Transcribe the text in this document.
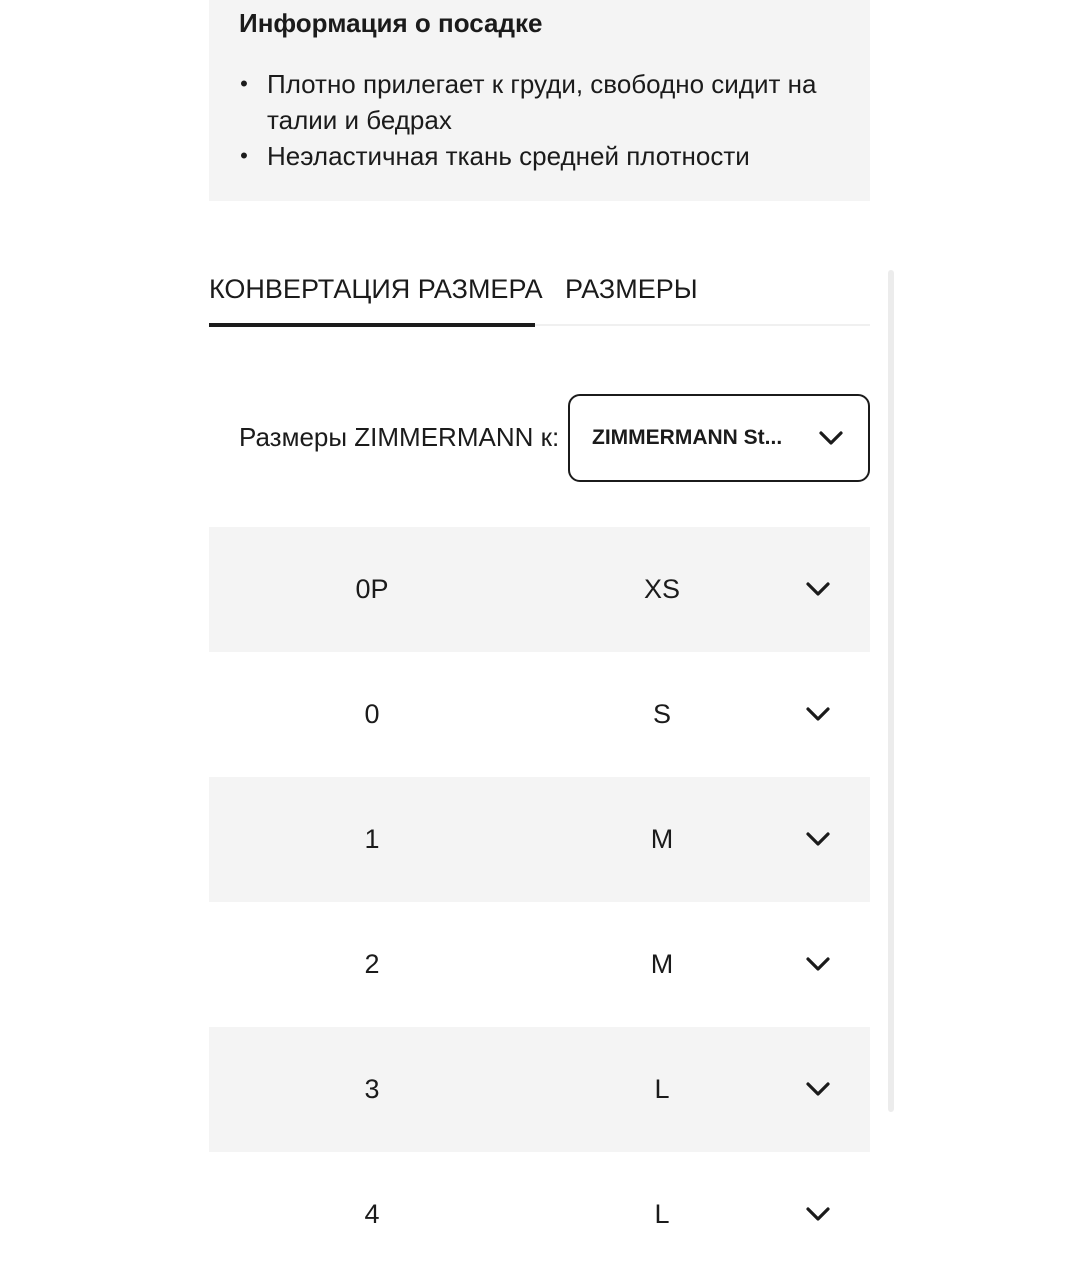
Информация о посадке
• Плотно прилегает к груди, свободно сидит на талии и бедрах
• Неэластичная ткань средней плотности
КОНВЕРТАЦИЯ РАЗМЕРА РАЗМЕРЫ
Размеры ZIMMERMANN к: ZIMMERMANN St...
0P	XS
0	S
1	M
2	M
3	L
4	L
